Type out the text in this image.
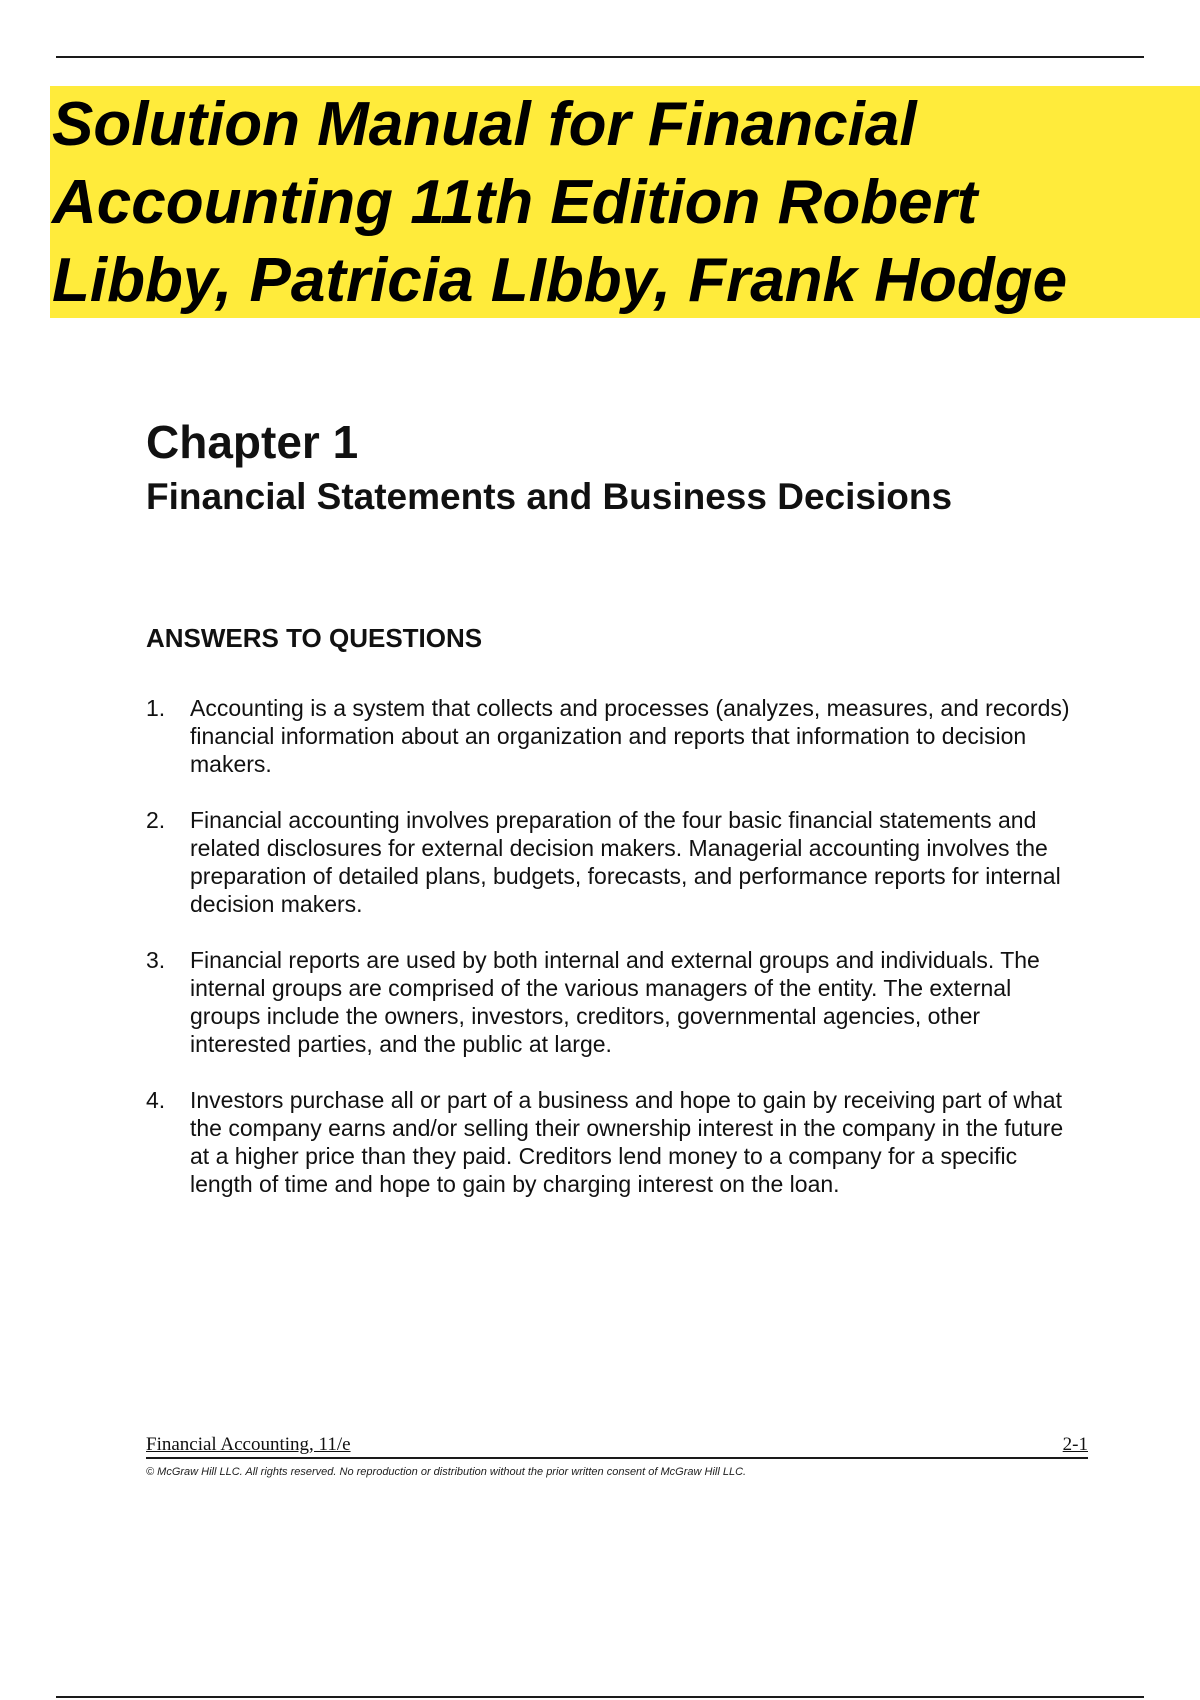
Solution Manual for Financial Accounting 11th Edition Robert Libby, Patricia LIbby, Frank Hodge
Chapter 1
Financial Statements and Business Decisions
ANSWERS TO QUESTIONS
1.	Accounting is a system that collects and processes (analyzes, measures, and records) financial information about an organization and reports that information to decision makers.
2.	Financial accounting involves preparation of the four basic financial statements and related disclosures for external decision makers. Managerial accounting involves the preparation of detailed plans, budgets, forecasts, and performance reports for internal decision makers.
3.	Financial reports are used by both internal and external groups and individuals. The internal groups are comprised of the various managers of the entity. The external groups include the owners, investors, creditors, governmental agencies, other interested parties, and the public at large.
4.	Investors purchase all or part of a business and hope to gain by receiving part of what the company earns and/or selling their ownership interest in the company in the future at a higher price than they paid. Creditors lend money to a company for a specific length of time and hope to gain by charging interest on the loan.
Financial Accounting, 11/e	2-1
© McGraw Hill LLC. All rights reserved. No reproduction or distribution without the prior written consent of McGraw Hill LLC.
